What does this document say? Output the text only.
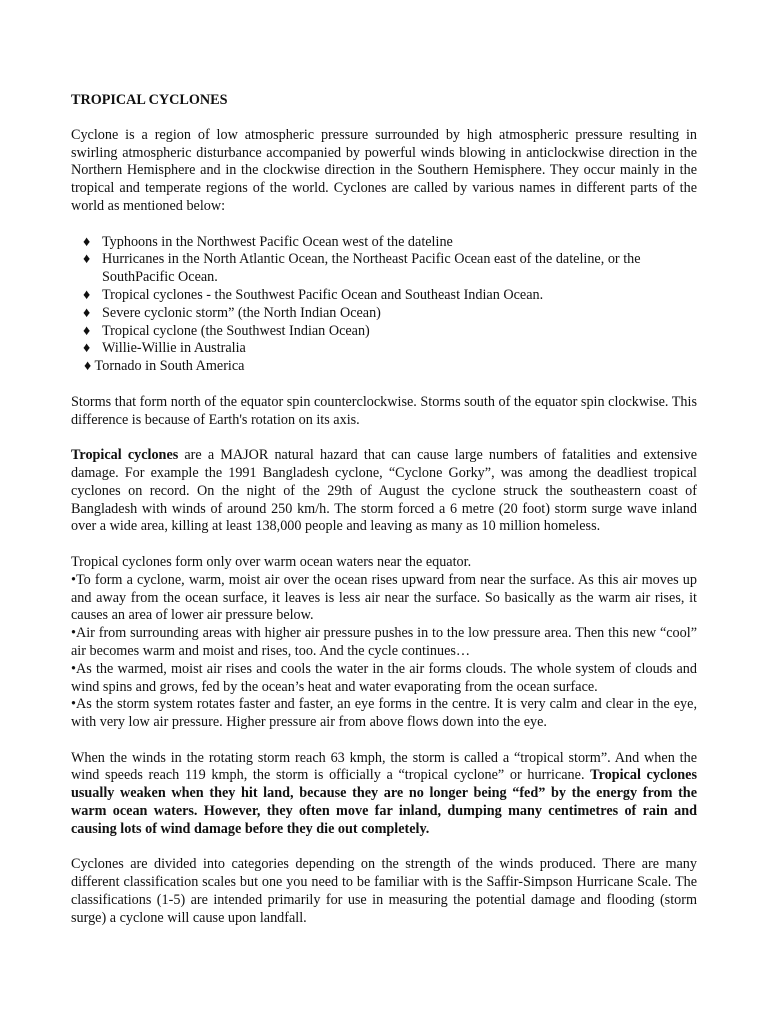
TROPICAL CYCLONES

Cyclone is a region of low atmospheric pressure surrounded by high atmospheric pressure resulting in swirling atmospheric disturbance accompanied by powerful winds blowing in anticlockwise direction in the Northern Hemisphere and in the clockwise direction in the Southern Hemisphere. They occur mainly in the tropical and temperate regions of the world. Cyclones are called by various names in different parts of the world as mentioned below:

♦ Typhoons in the Northwest Pacific Ocean west of the dateline
♦ Hurricanes in the North Atlantic Ocean, the Northeast Pacific Ocean east of the dateline, or the SouthPacific Ocean.
♦ Tropical cyclones - the Southwest Pacific Ocean and Southeast Indian Ocean.
♦ Severe cyclonic storm” (the North Indian Ocean)
♦ Tropical cyclone (the Southwest Indian Ocean)
♦ Willie-Willie in Australia
♦ Tornado in South America

Storms that form north of the equator spin counterclockwise. Storms south of the equator spin clockwise. This difference is because of Earth's rotation on its axis.

Tropical cyclones are a MAJOR natural hazard that can cause large numbers of fatalities and extensive damage. For example the 1991 Bangladesh cyclone, “Cyclone Gorky”, was among the deadliest tropical cyclones on record. On the night of the 29th of August the cyclone struck the southeastern coast of Bangladesh with winds of around 250 km/h. The storm forced a 6 metre (20 foot) storm surge wave inland over a wide area, killing at least 138,000 people and leaving as many as 10 million homeless.

Tropical cyclones form only over warm ocean waters near the equator.

•To form a cyclone, warm, moist air over the ocean rises upward from near the surface. As this air moves up and away from the ocean surface, it leaves is less air near the surface. So basically as the warm air rises, it causes an area of lower air pressure below.

•Air from surrounding areas with higher air pressure pushes in to the low pressure area. Then this new “cool” air becomes warm and moist and rises, too. And the cycle continues…

•As the warmed, moist air rises and cools the water in the air forms clouds. The whole system of clouds and wind spins and grows, fed by the ocean’s heat and water evaporating from the ocean surface.

•As the storm system rotates faster and faster, an eye forms in the centre. It is very calm and clear in the eye, with very low air pressure. Higher pressure air from above flows down into the eye.

When the winds in the rotating storm reach 63 kmph, the storm is called a “tropical storm”. And when the wind speeds reach 119 kmph, the storm is officially a “tropical cyclone” or hurricane. Tropical cyclones usually weaken when they hit land, because they are no longer being “fed” by the energy from the warm ocean waters. However, they often move far inland, dumping many centimetres of rain and causing lots of wind damage before they die out completely.

Cyclones are divided into categories depending on the strength of the winds produced. There are many different classification scales but one you need to be familiar with is the Saffir-Simpson Hurricane Scale. The classifications (1-5) are intended primarily for use in measuring the potential damage and flooding (storm surge) a cyclone will cause upon landfall.
